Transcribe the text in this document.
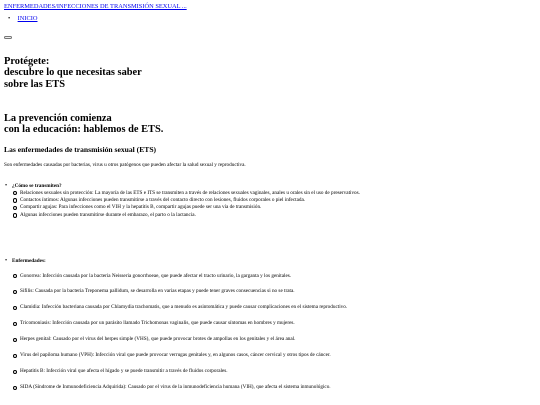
ENFERMEDADES/INFECCIONES DE TRANSMISIÓN SEXUAL ...
• INICIO
Protégete:
descubre lo que necesitas saber
sobre las ETS
La prevención comienza
con la educación: hablemos de ETS.
Las enfermedades de transmisión sexual (ETS)

Son enfermedades causadas por bacterias, virus u otros patógenos que pueden afectar la salud sexual y reproductiva.

• ¿Cómo se transmiten?
Relaciones sexuales sin protección: La mayoría de las ETS e ITS se transmiten a través de relaciones sexuales vaginales, anales u orales sin el uso de preservativos.
Contactos íntimos: Algunas infecciones pueden transmitirse a través del contacto directo con lesiones, fluidos corporales o piel infectada.
Compartir agujas: Para infecciones como el VIH y la hepatitis B, compartir agujas puede ser una vía de transmisión.
Algunas infecciones pueden transmitirse durante el embarazo, el parto o la lactancia.
• Enfermedades:
Gonorrea: Infección causada por la bacteria Neisseria gonorrhoeae, que puede afectar el tracto urinario, la garganta y los genitales.
Sífilis: Causada por la bacteria Treponema pallidum, se desarrolla en varias etapas y puede tener graves consecuencias si no se trata.
Clamidia: Infección bacteriana causada por Chlamydia trachomatis, que a menudo es asintomática y puede causar complicaciones en el sistema reproductivo.
Tricomoniasis: Infección causada por un parásito llamado Trichomonas vaginalis, que puede causar síntomas en hombres y mujeres.
Herpes genital: Causado por el virus del herpes simple (VHS), que puede provocar brotes de ampollas en los genitales y el área anal.
Virus del papiloma humano (VPH): Infección viral que puede provocar verrugas genitales y, en algunos casos, cáncer cervical y otros tipos de cáncer.
Hepatitis B: Infección viral que afecta el hígado y se puede transmitir a través de fluidos corporales.
SIDA (Síndrome de Inmunodeficiencia Adquirida): Causado por el virus de la inmunodeficiencia humana (VIH), que afecta el sistema inmunológico.
